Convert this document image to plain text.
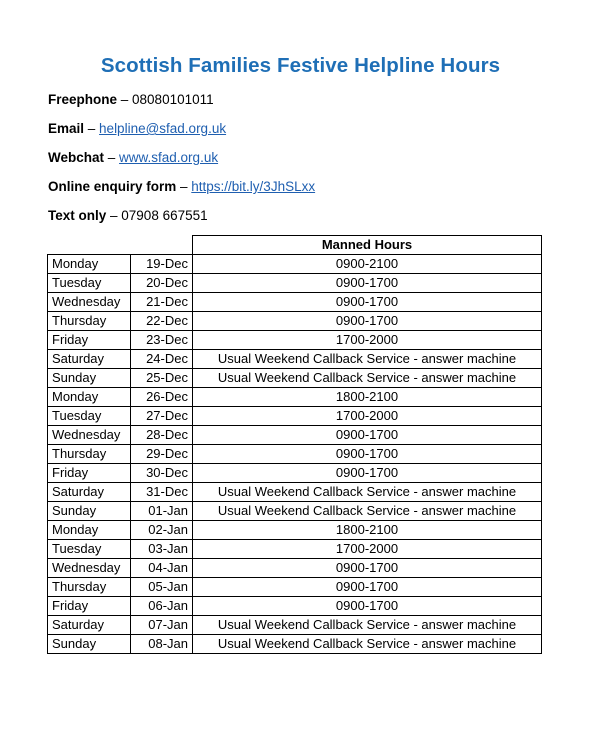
Scottish Families Festive Helpline Hours
Freephone – 08080101011
Email – helpline@sfad.org.uk
Webchat – www.sfad.org.uk
Online enquiry form – https://bit.ly/3JhSLxx
Text only – 07908 667551
		Manned Hours
Monday	19-Dec	0900-2100
Tuesday	20-Dec	0900-1700
Wednesday	21-Dec	0900-1700
Thursday	22-Dec	0900-1700
Friday	23-Dec	1700-2000
Saturday	24-Dec	Usual Weekend Callback Service - answer machine
Sunday	25-Dec	Usual Weekend Callback Service - answer machine
Monday	26-Dec	1800-2100
Tuesday	27-Dec	1700-2000
Wednesday	28-Dec	0900-1700
Thursday	29-Dec	0900-1700
Friday	30-Dec	0900-1700
Saturday	31-Dec	Usual Weekend Callback Service - answer machine
Sunday	01-Jan	Usual Weekend Callback Service - answer machine
Monday	02-Jan	1800-2100
Tuesday	03-Jan	1700-2000
Wednesday	04-Jan	0900-1700
Thursday	05-Jan	0900-1700
Friday	06-Jan	0900-1700
Saturday	07-Jan	Usual Weekend Callback Service - answer machine
Sunday	08-Jan	Usual Weekend Callback Service - answer machine
